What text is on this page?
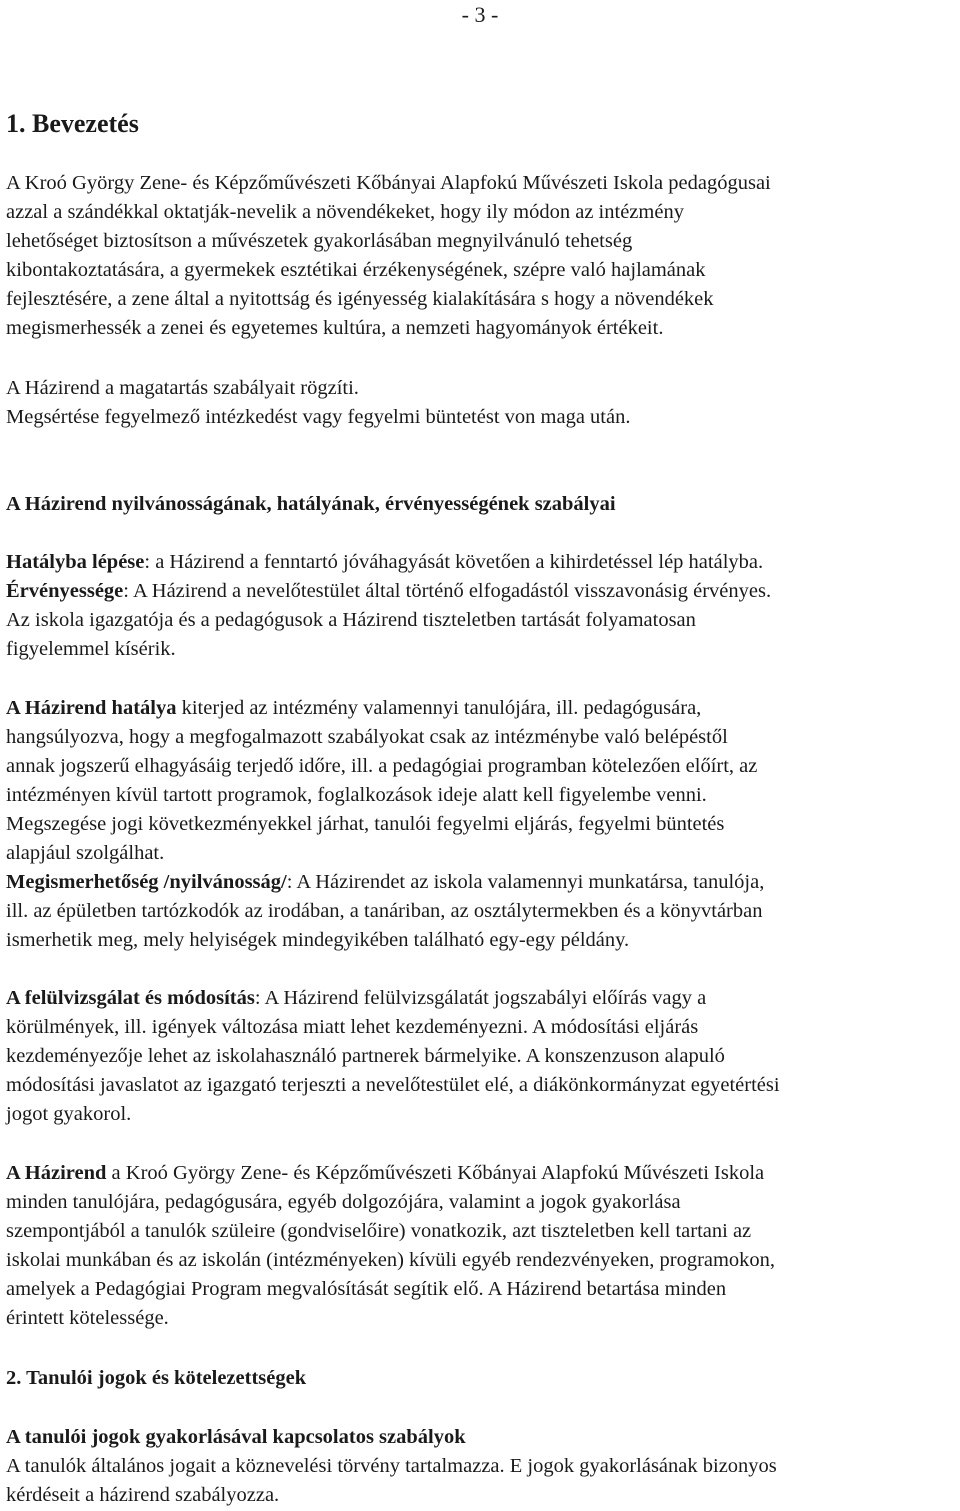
- 3 -
1. Bevezetés

A Kroó György Zene- és Képzőművészeti Kőbányai Alapfokú Művészeti Iskola pedagógusai

azzal a szándékkal oktatják-nevelik a növendékeket, hogy ily módon az intézmény

lehetőséget biztosítson a művészetek gyakorlásában megnyilvánuló tehetség

kibontakoztatására, a gyermekek esztétikai érzékenységének, szépre való hajlamának

fejlesztésére, a zene által a nyitottság és igényesség kialakítására s hogy a növendékek

megismerhessék a zenei és egyetemes kultúra, a nemzeti hagyományok értékeit.

A Házirend a magatartás szabályait rögzíti.

Megsértése fegyelmező intézkedést vagy fegyelmi büntetést von maga után.

A Házirend nyilvánosságának, hatályának, érvényességének szabályai

Hatályba lépése: a Házirend a fenntartó jóváhagyását követően a kihirdetéssel lép hatályba.

Érvényessége: A Házirend a nevelőtestület által történő elfogadástól visszavonásig érvényes.

Az iskola igazgatója és a pedagógusok a Házirend tiszteletben tartását folyamatosan

figyelemmel kísérik.

A Házirend hatálya kiterjed az intézmény valamennyi tanulójára, ill. pedagógusára,

hangsúlyozva, hogy a megfogalmazott szabályokat csak az intézménybe való belépéstől

annak jogszerű elhagyásáig terjedő időre, ill. a pedagógiai programban kötelezően előírt, az

intézményen kívül tartott programok, foglalkozások ideje alatt kell figyelembe venni.

Megszegése jogi következményekkel járhat, tanulói fegyelmi eljárás, fegyelmi büntetés

alapjául szolgálhat.

Megismerhetőség /nyilvánosság/: A Házirendet az iskola valamennyi munkatársa, tanulója,

ill. az épületben tartózkodók az irodában, a tanáriban, az osztálytermekben és a könyvtárban

ismerhetik meg, mely helyiségek mindegyikében található egy-egy példány.

A felülvizsgálat és módosítás: A Házirend felülvizsgálatát jogszabályi előírás vagy a

körülmények, ill. igények változása miatt lehet kezdeményezni. A módosítási eljárás

kezdeményezője lehet az iskolahasználó partnerek bármelyike. A konszenzuson alapuló

módosítási javaslatot az igazgató terjeszti a nevelőtestület elé, a diákönkormányzat egyetértési

jogot gyakorol.

A Házirend a Kroó György Zene- és Képzőművészeti Kőbányai Alapfokú Művészeti Iskola

minden tanulójára, pedagógusára, egyéb dolgozójára, valamint a jogok gyakorlása

szempontjából a tanulók szüleire (gondviselőire) vonatkozik, azt tiszteletben kell tartani az

iskolai munkában és az iskolán (intézményeken) kívüli egyéb rendezvényeken, programokon,

amelyek a Pedagógiai Program megvalósítását segítik elő. A Házirend betartása minden

érintett kötelessége.

2. Tanulói jogok és kötelezettségek
A tanulói jogok gyakorlásával kapcsolatos szabályok

A tanulók általános jogait a köznevelési törvény tartalmazza. E jogok gyakorlásának bizonyos

kérdéseit a házirend szabályozza.
